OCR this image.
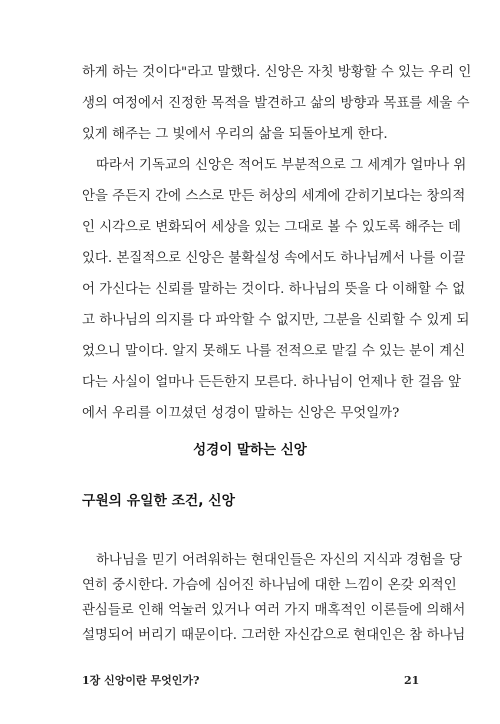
하게 하는 것이다"라고 말했다. 신앙은 자칫 방황할 수 있는 우리 인
생의 여정에서 진정한 목적을 발견하고 삶의 방향과 목표를 세울 수
있게 해주는 그 빛에서 우리의 삶을 되돌아보게 한다.
따라서 기독교의 신앙은 적어도 부분적으로 그 세계가 얼마나 위
안을 주든지 간에 스스로 만든 허상의 세계에 갇히기보다는 창의적
인 시각으로 변화되어 세상을 있는 그대로 볼 수 있도록 해주는 데
있다. 본질적으로 신앙은 불확실성 속에서도 하나님께서 나를 이끌
어 가신다는 신뢰를 말하는 것이다. 하나님의 뜻을 다 이해할 수 없
고 하나님의 의지를 다 파악할 수 없지만, 그분을 신뢰할 수 있게 되
었으니 말이다. 알지 못해도 나를 전적으로 맡길 수 있는 분이 계신
다는 사실이 얼마나 든든한지 모른다. 하나님이 언제나 한 걸음 앞
에서 우리를 이끄셨던 성경이 말하는 신앙은 무엇일까?
성경이 말하는 신앙
구원의 유일한 조건, 신앙
하나님을 믿기 어려워하는 현대인들은 자신의 지식과 경험을 당
연히 중시한다. 가슴에 심어진 하나님에 대한 느낌이 온갖 외적인
1장 신앙이란 무엇인가?	21
관심들로 인해 억눌러 있거나 여러 가지 매혹적인 이론들에 의해서
설명되어 버리기 때문이다. 그러한 자신감으로 현대인은 참 하나님
